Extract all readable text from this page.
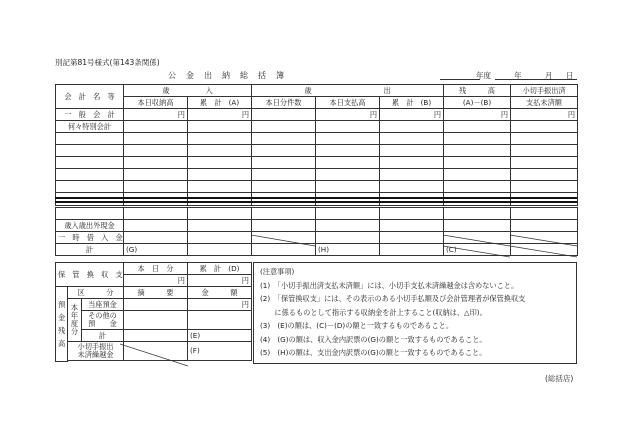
別記第81号様式(第143条関係)
公　金　出　納　総　括　簿	年度	年	月 日
会　計　名　等	歳　　　　　入		歳　　　　　　　　　　出			残　　　高	小切手振出済
	本日収納高	累　計　(A)	本日分件数	本日支払高	累　計　(B)	(A)－(B)	支払未済額
一　般　会　計	円	円		円	円	円	円
何々特別会計							

歳入歳出外現金							
一　時　借　入　金							
計	(G)			(H)		(C)	
保　管　換　収　支			本　日　分	累　計　(D)
			円	円

預
金
残
高	区　　　分		摘　　　要	金　　　額

	本
年
度
分	当座預金		円

		その他の
預　　金		

		計		(E)

	小切手振出
未済繰越金			(F)

(注意事項)
(1)　「小切手振出済支払未済額」には、小切手支払未済繰越金は含めないこと。
(2)　「保管換収支」には、その表示のある小切手払額及び会計管理者が保管換収支
　　に係るものとして指示する収納金を計上すること(収納は、△印)。
(3)　(E)の額は、(C)－(D)の額と一致するものであること。
(4)　(G)の額は、収入金内訳票の(G)の額と一致するものであること。
(5)　(H)の額は、支出金内訳票の(G)の額と一致するものであること。
(総括店)
